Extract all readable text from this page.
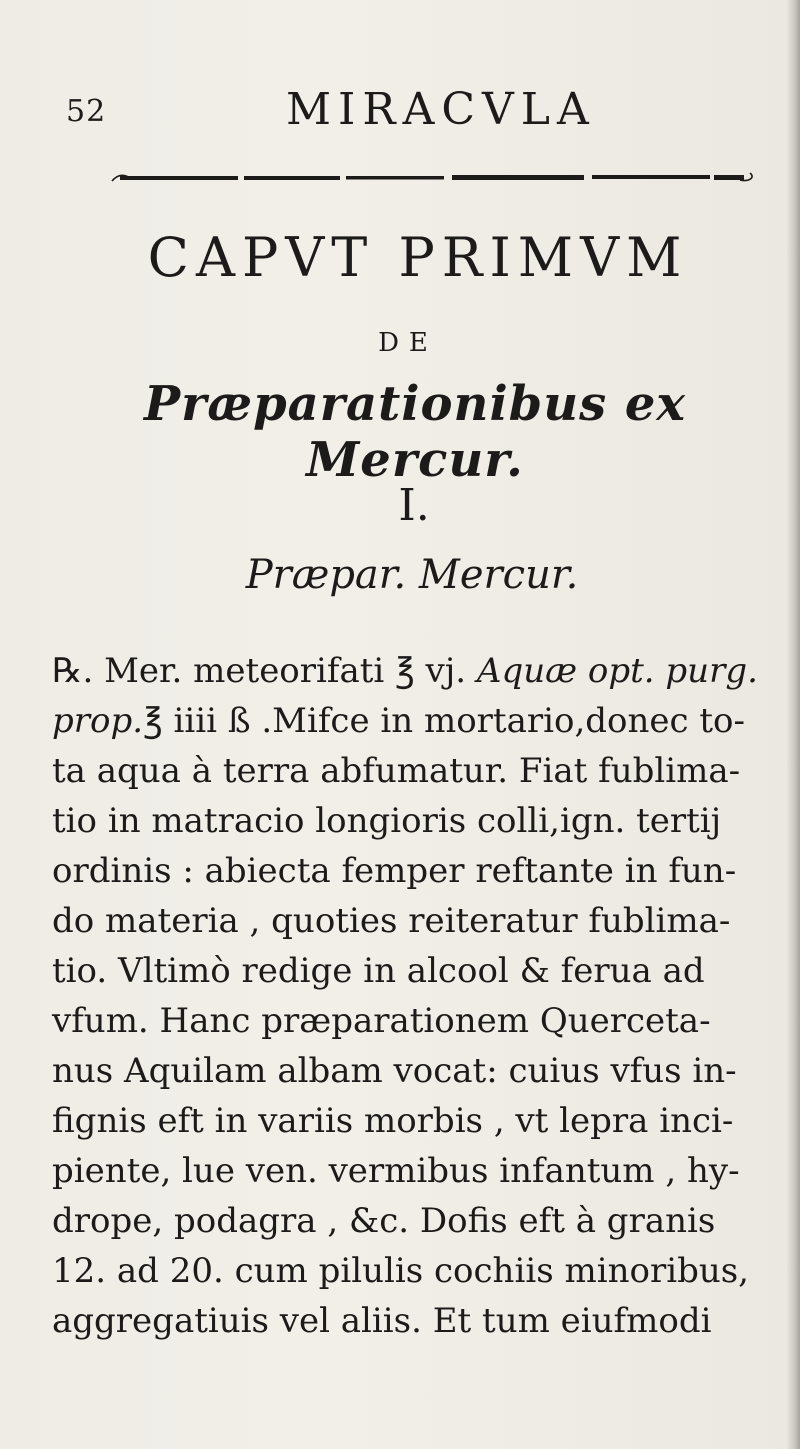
52	MIRACVLA
CAPVT PRIMVM
DE
Præparationibus ex Mercur.
I.
Præpar. Mercur.
℞. Mer. meteorifati ℥ vj. Aquæ opt. purg.
prop.℥ iiii ß .Mifce in mortario,donec to-
ta aqua à terra abfumatur. Fiat fublima-
tio in matracio longioris colli,ign. tertij
ordinis : abiecta femper reftante in fun-
do materia , quoties reiteratur fublima-
tio. Vltimò redige in alcool & ferua ad
vfum. Hanc præparationem Querceta-
nus Aquilam albam vocat: cuius vfus in-
fignis eft in variis morbis , vt lepra inci-
piente, lue ven. vermibus infantum , hy-
drope, podagra , &c. Dofis eft à granis
12. ad 20. cum pilulis cochiis minoribus,
aggregatiuis vel aliis. Et tum eiufmodi
